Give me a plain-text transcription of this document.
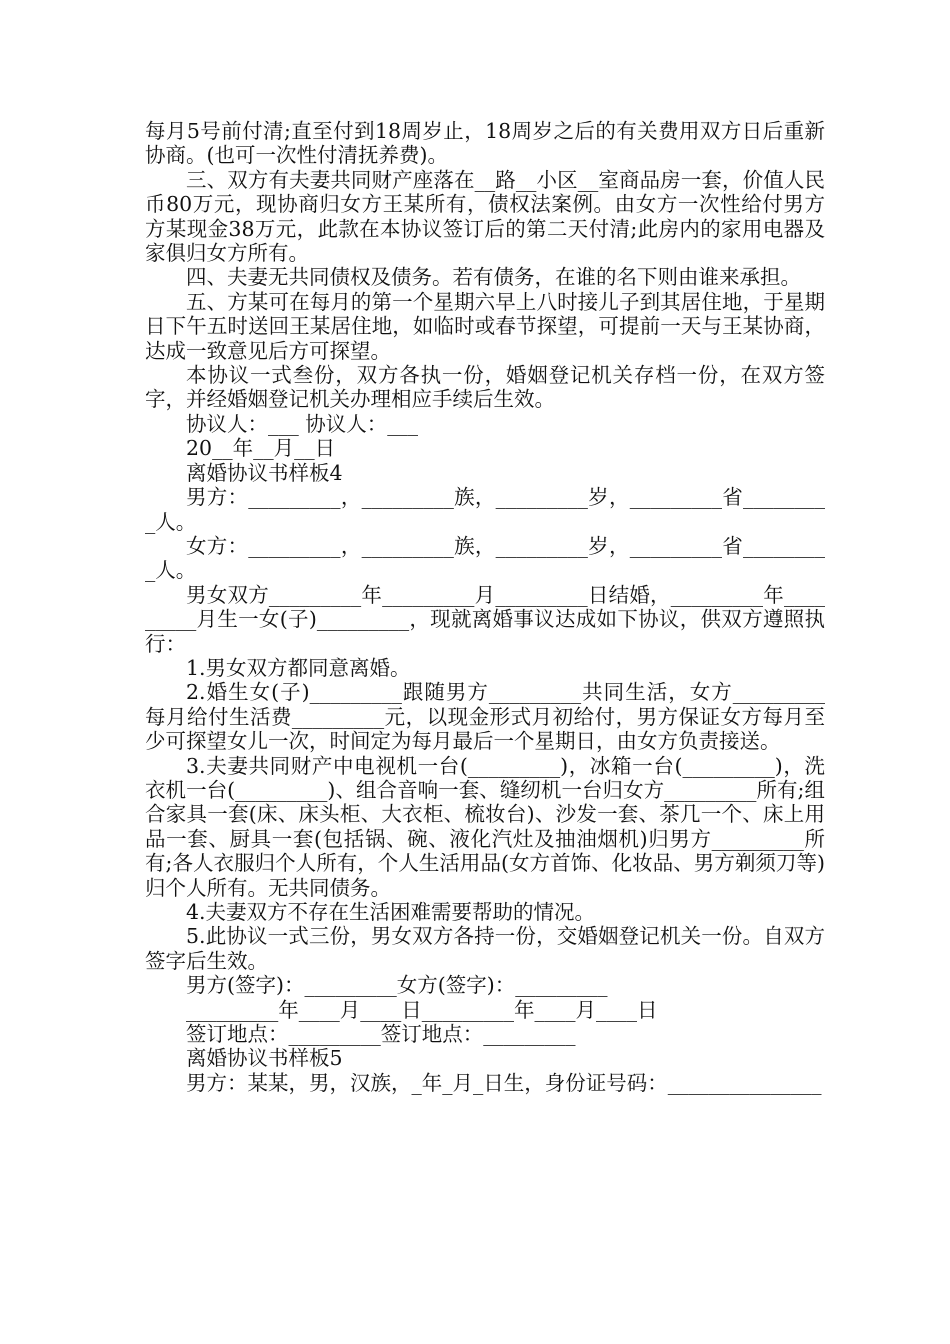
每月5号前付清;直至付到18周岁止，18周岁之后的有关费用双方日后重新协商。(也可一次性付清抚养费)。

三、双方有夫妻共同财产座落在__路__小区__室商品房一套，价值人民币80万元，现协商归女方王某所有，债权法案例。由女方一次性给付男方方某现金38万元，此款在本协议签订后的第二天付清;此房内的家用电器及家俱归女方所有。

四、夫妻无共同债权及债务。若有债务，在谁的名下则由谁来承担。

五、方某可在每月的第一个星期六早上八时接儿子到其居住地，于星期日下午五时送回王某居住地，如临时或春节探望，可提前一天与王某协商，达成一致意见后方可探望。

本协议一式叁份，双方各执一份，婚姻登记机关存档一份，在双方签字，并经婚姻登记机关办理相应手续后生效。

协议人：___ 协议人：___

20__年__月__日

离婚协议书样板4

男方：_________，_________族，_________岁，_________省_________人。

女方：_________，_________族，_________岁，_________省_________人。

男女双方_________年_________月_________日结婚，_________年_________月生一女(子)_________，现就离婚事议达成如下协议，供双方遵照执行：

1.男女双方都同意离婚。

2.婚生女(子)_________跟随男方_________共同生活，女方_________每月给付生活费_________元，以现金形式月初给付，男方保证女方每月至少可探望女儿一次，时间定为每月最后一个星期日，由女方负责接送。

3.夫妻共同财产中电视机一台(_________)，冰箱一台(_________)，洗衣机一台(_________)、组合音响一套、缝纫机一台归女方_________所有;组合家具一套(床、床头柜、大衣柜、梳妆台)、沙发一套、茶几一个、床上用品一套、厨具一套(包括锅、碗、液化汽灶及抽油烟机)归男方_________所有;各人衣服归个人所有，个人生活用品(女方首饰、化妆品、男方剃须刀等)归个人所有。无共同债务。

4.夫妻双方不存在生活困难需要帮助的情况。

5.此协议一式三份，男女双方各持一份，交婚姻登记机关一份。自双方签字后生效。

男方(签字)：_________女方(签字)：_________

_________年____月____日_________年____月____日

签订地点：_________签订地点：_________

离婚协议书样板5

男方：某某，男，汉族，_年_月_日生，身份证号码：_______________
